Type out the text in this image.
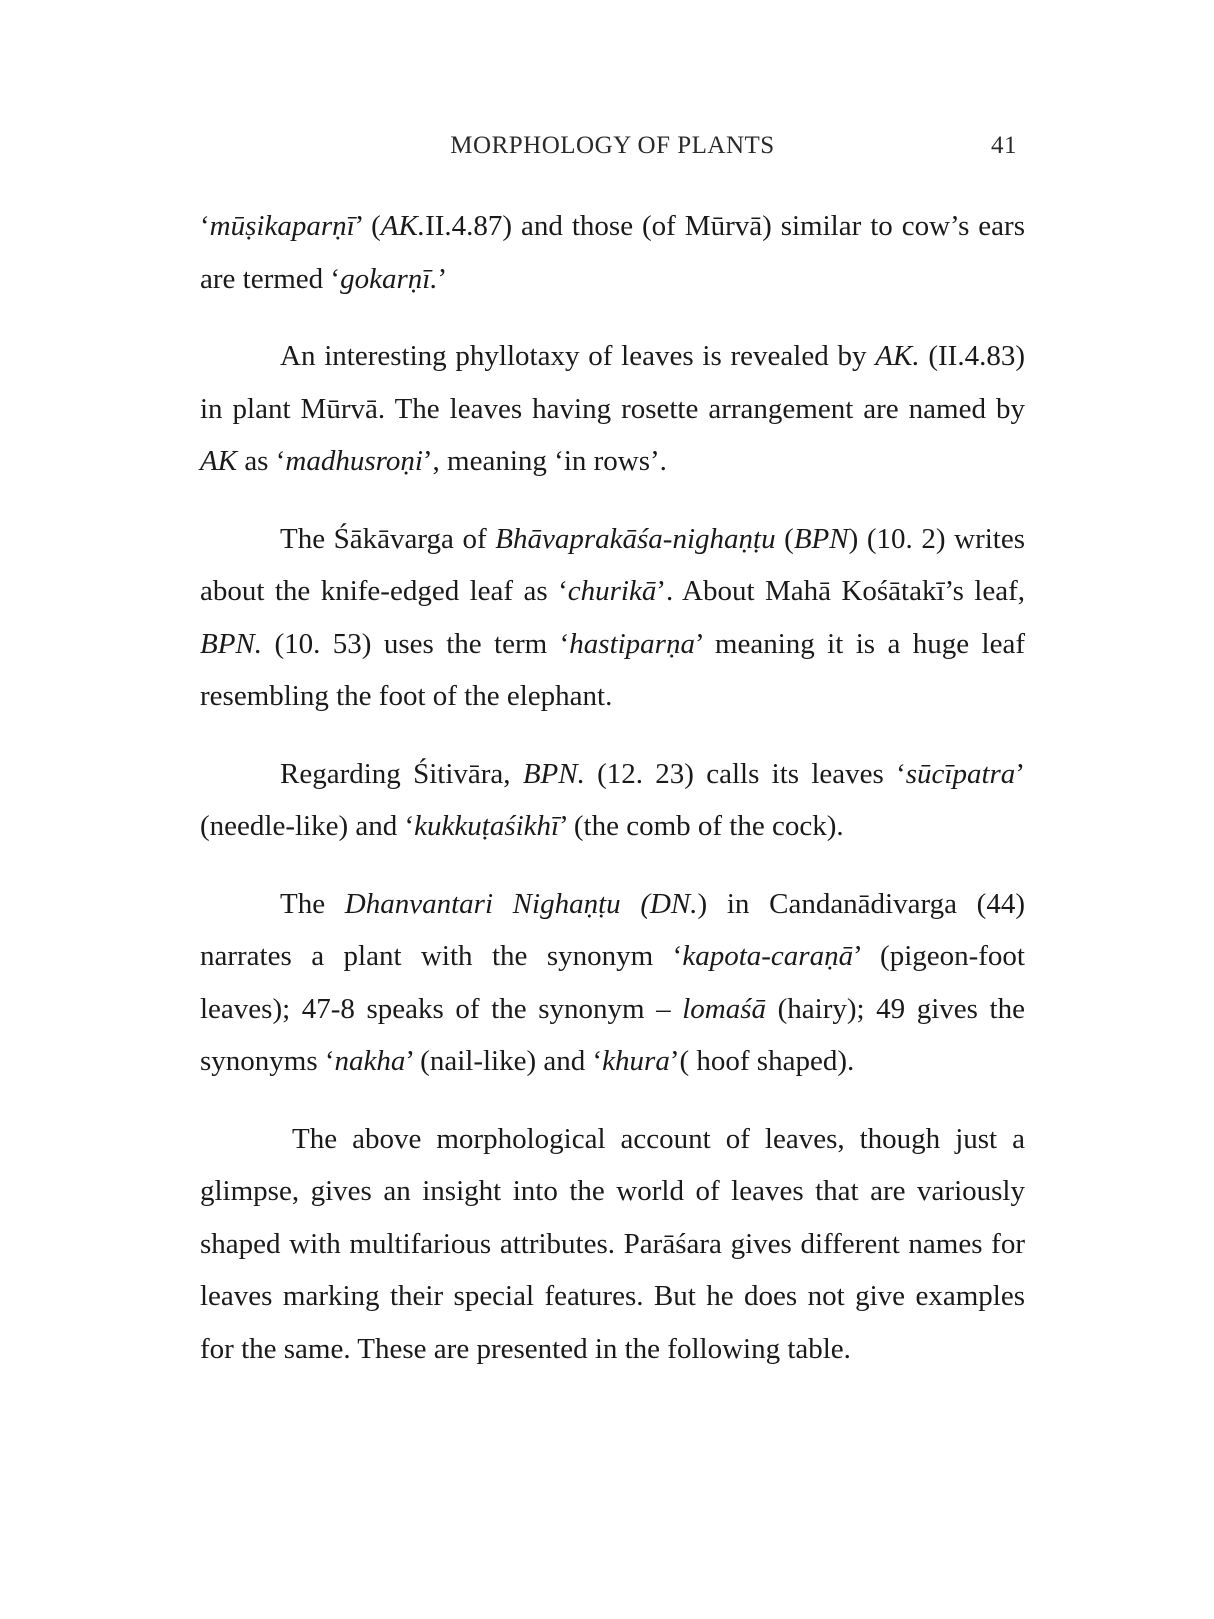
MORPHOLOGY OF PLANTS	41

‘mūṣikaparṇī’ (AK.II.4.87) and those (of Mūrvā) similar to cow’s ears are termed ‘gokarṇī.’

An interesting phyllotaxy of leaves is revealed by AK. (II.4.83) in plant Mūrvā. The leaves having rosette arrangement are named by AK as ‘madhusroṇi’, meaning ‘in rows’.

The Śākāvarga of Bhāvaprakāśa-nighaṇṭu (BPN) (10. 2) writes about the knife-edged leaf as ‘churikā’. About Mahā Kośātakī’s leaf, BPN. (10. 53) uses the term ‘hastiparṇa’ meaning it is a huge leaf resembling the foot of the elephant.

Regarding Śitivāra, BPN. (12. 23) calls its leaves ‘sūcīpatra’ (needle-like) and ‘kukkuṭaśikhī’ (the comb of the cock).

The Dhanvantari Nighaṇṭu (DN.) in Candanādivarga (44) narrates a plant with the synonym ‘kapota-caraṇā’ (pigeon-foot leaves); 47-8 speaks of the synonym – lomaśā (hairy); 49 gives the synonyms ‘nakha’ (nail-like) and ‘khura’( hoof shaped).

The above morphological account of leaves, though just a glimpse, gives an insight into the world of leaves that are variously shaped with multifarious attributes. Parāśara gives different names for leaves marking their special features. But he does not give examples for the same. These are presented in the following table.
